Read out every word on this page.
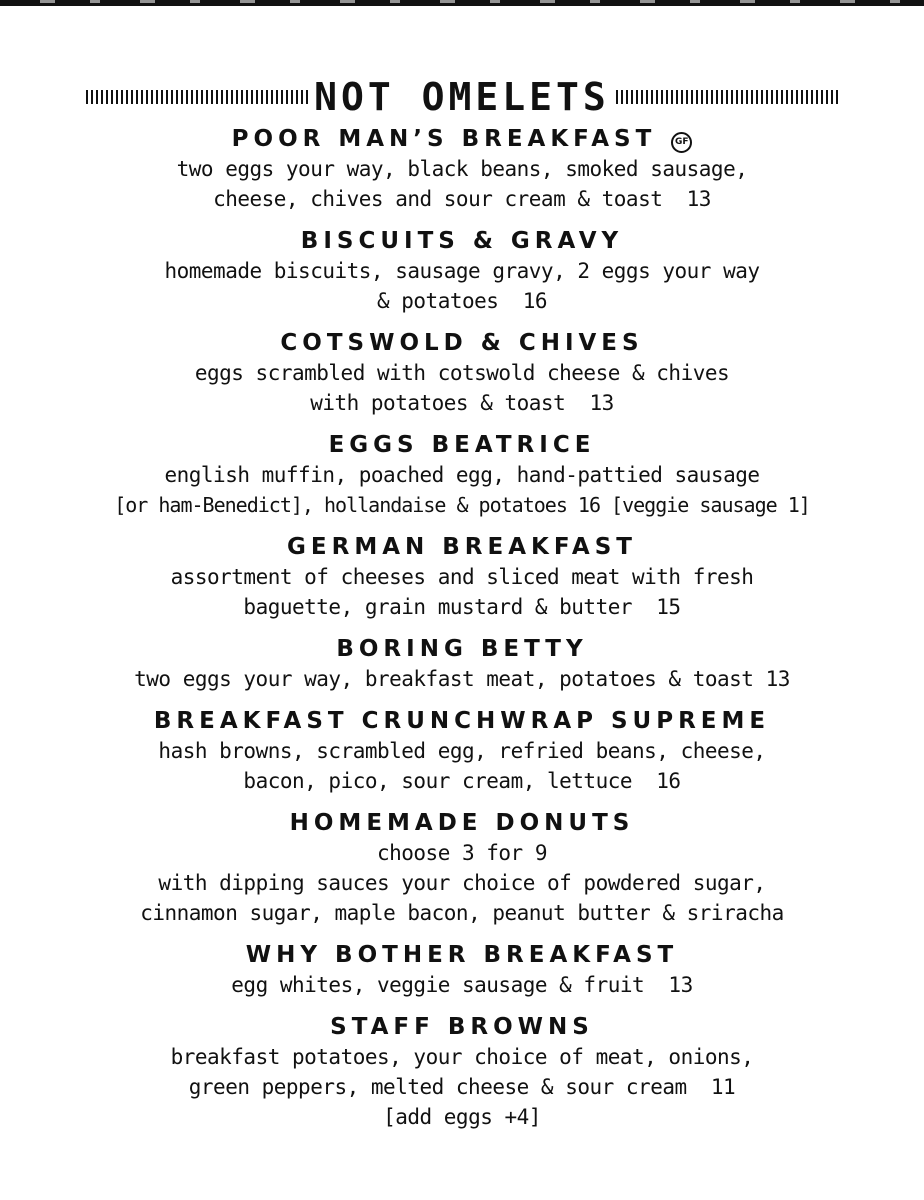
NOT OMELETS
POOR MAN’S BREAKFAST GF
two eggs your way, black beans, smoked sausage,
cheese, chives and sour cream & toast  13
BISCUITS & GRAVY
homemade biscuits, sausage gravy, 2 eggs your way
& potatoes  16
COTSWOLD & CHIVES
eggs scrambled with cotswold cheese & chives
with potatoes & toast  13
EGGS BEATRICE
english muffin, poached egg, hand-pattied sausage
[or ham-Benedict], hollandaise & potatoes 16 [veggie sausage 1]
GERMAN BREAKFAST
assortment of cheeses and sliced meat with fresh
baguette, grain mustard & butter  15
BORING BETTY
two eggs your way, breakfast meat, potatoes & toast 13
BREAKFAST CRUNCHWRAP SUPREME
hash browns, scrambled egg, refried beans, cheese,
bacon, pico, sour cream, lettuce  16
HOMEMADE DONUTS
choose 3 for 9
with dipping sauces your choice of powdered sugar,
cinnamon sugar, maple bacon, peanut butter & sriracha
WHY BOTHER BREAKFAST
egg whites, veggie sausage & fruit  13
STAFF BROWNS
breakfast potatoes, your choice of meat, onions,
green peppers, melted cheese & sour cream  11
[add eggs +4]
